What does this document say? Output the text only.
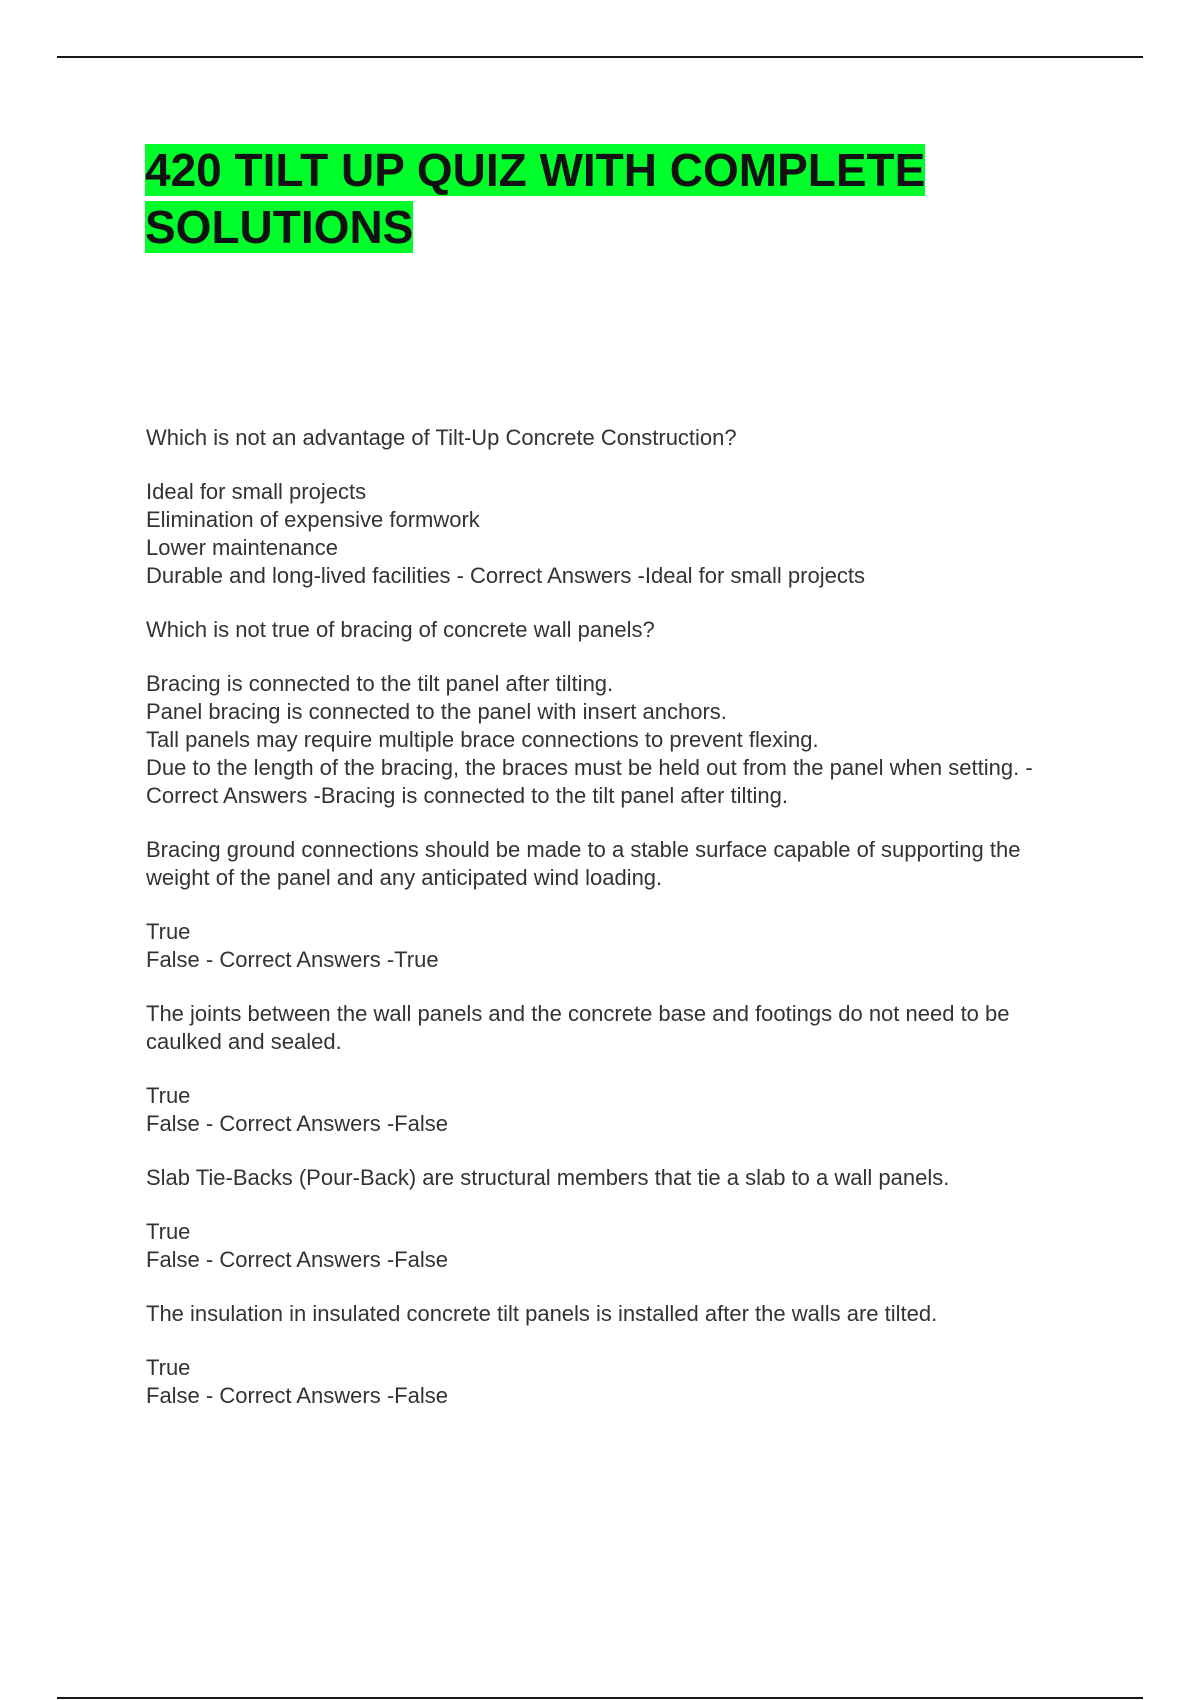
420 TILT UP QUIZ WITH COMPLETE SOLUTIONS

Which is not an advantage of Tilt-Up Concrete Construction?

Ideal for small projects
Elimination of expensive formwork
Lower maintenance
Durable and long-lived facilities - Correct Answers -Ideal for small projects

Which is not true of bracing of concrete wall panels?

Bracing is connected to the tilt panel after tilting.
Panel bracing is connected to the panel with insert anchors.
Tall panels may require multiple brace connections to prevent flexing.
Due to the length of the bracing, the braces must be held out from the panel when setting. - Correct Answers -Bracing is connected to the tilt panel after tilting.

Bracing ground connections should be made to a stable surface capable of supporting the weight of the panel and any anticipated wind loading.

True
False - Correct Answers -True

The joints between the wall panels and the concrete base and footings do not need to be caulked and sealed.

True
False - Correct Answers -False

Slab Tie-Backs (Pour-Back) are structural members that tie a slab to a wall panels.

True
False - Correct Answers -False

The insulation in insulated concrete tilt panels is installed after the walls are tilted.

True
False - Correct Answers -False
